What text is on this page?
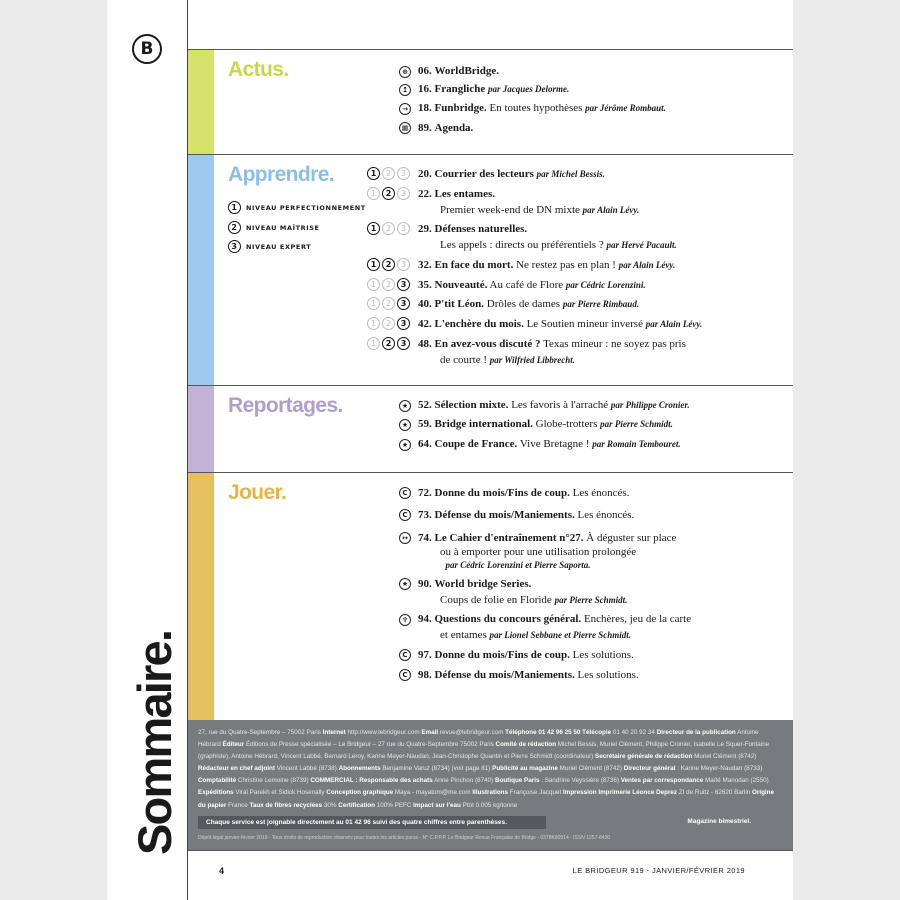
B
Sommaire.
Actus.	⊕ 06. WorldBridge.
↥ 16. Frangliche par Jacques Delorme.
→ 18. Funbridge. En toutes hypothèses par Jérôme Rombaut.
▦ 89. Agenda.
Apprendre.
1	NIVEAU PERFECTIONNEMENT
2	NIVEAU MAÎTRISE
3	NIVEAU EXPERT
1	2	3	20. Courrier des lecteurs par Michel Bessis.
1	2	3	22. Les entames.
Premier week-end de DN mixte par Alain Lévy.
1	2	3	29. Défenses naturelles.
Les appels : directs ou préférentiels ? par Hervé Pacault.
1	2	3	32. En face du mort. Ne restez pas en plan ! par Alain Lévy.
1	2	3	35. Nouveauté. Au café de Flore par Cédric Lorenzini.
1	2	3	40. P'tit Léon. Drôles de dames par Pierre Rimbaud.
1	2	3	42. L'enchère du mois. Le Soutien mineur inversé par Alain Lévy.
1	2	3	48. En avez-vous discuté ? Texas mineur : ne soyez pas pris
de courte ! par Wilfried Libbrecht.
Reportages.	★ 52. Sélection mixte. Les favoris à l'arraché par Philippe Cronier.
★ 59. Bridge international. Globe-trotters par Pierre Schmidt.
★ 64. Coupe de France. Vive Bretagne ! par Romain Tembouret.
Jouer.	C 72. Donne du mois/Fins de coup. Les énoncés.
C 73. Défense du mois/Maniements. Les énoncés.
↔ 74. Le Cahier d'entraînement n°27. À déguster sur place
ou à emporter pour une utilisation prolongée
par Cédric Lorenzini et Pierre Saporta.
★ 90. World bridge Series.
Coups de folie en Floride par Pierre Schmidt.
♆ 94. Questions du concours général. Enchères, jeu de la carte
et entames par Lionel Sebbane et Pierre Schmidt.
C 97. Donne du mois/Fins de coup. Les solutions.
C 98. Défense du mois/Maniements. Les solutions.

27, rue du Quatre-Septembre – 75002 Paris Internet http://www.lebridgeur.com Email revue@lebridgeur.com Téléphone 01 42 96 25 50 Télécopie 01 40 20 92 34 Directeur de la publication Antoine Hébrard Éditeur Éditions de Presse spécialisée – Le Bridgeur – 27 rue du Quatre-Septembre 75002 Paris Comité de rédaction Michel Bessis, Muriel Clément, Philippe Cronier, Isabelle Le Squer-Fontaine (graphiste), Antoine Hébrard, Vincent Labbé, Bernard Leroy, Karine Meyer-Naudan, Jean-Christophe Quantin et Pierre Schmidt (coordinateur) Secrétaire générale de rédaction Muriel Clément (8742) Rédacteur en chef adjoint Vincent Labbé (8738) Abonnements Benjamine Varuz (8734) (voir page 81) Publicité au magazine Muriel Clément (8742) Directeur général : Karine Meyer-Naudan (8733) Comptabilité Christine Lemoine (8739) COMMERCIAL : Responsable des achats Anne Pinchon (8740) Boutique Paris : Sandrine Veyssière (8736) Ventes par correspondance Maïté Manodan (2550) Expéditions Viral Parekh et Sidick Hosenally Conception graphique Maya - mayatom@me.com Illustrations Françoise Jacquet Impression Imprimerie Léonce Deprez ZI de Ruitz - 62620 Barlin Origine du papier France Taux de fibres recyclées 30% Certification 100% PEFC Impact sur l'eau Ptot 0.005 kg/tonne

Chaque service est joignable directement au 01 42 96 suivi des quatre chiffres entre parenthèses.	Magazine bimestriel.
Dépôt légal janvier-février 2019 - Tous droits de reproduction réservés pour toutes les articles parus - N° C.P.P.P. Le Bridgeur Revue Française de Bridge - 0378K80914 - ISSN 1257-8430
4	LE BRIDGEUR 919 - JANVIER/FÉVRIER 2019
